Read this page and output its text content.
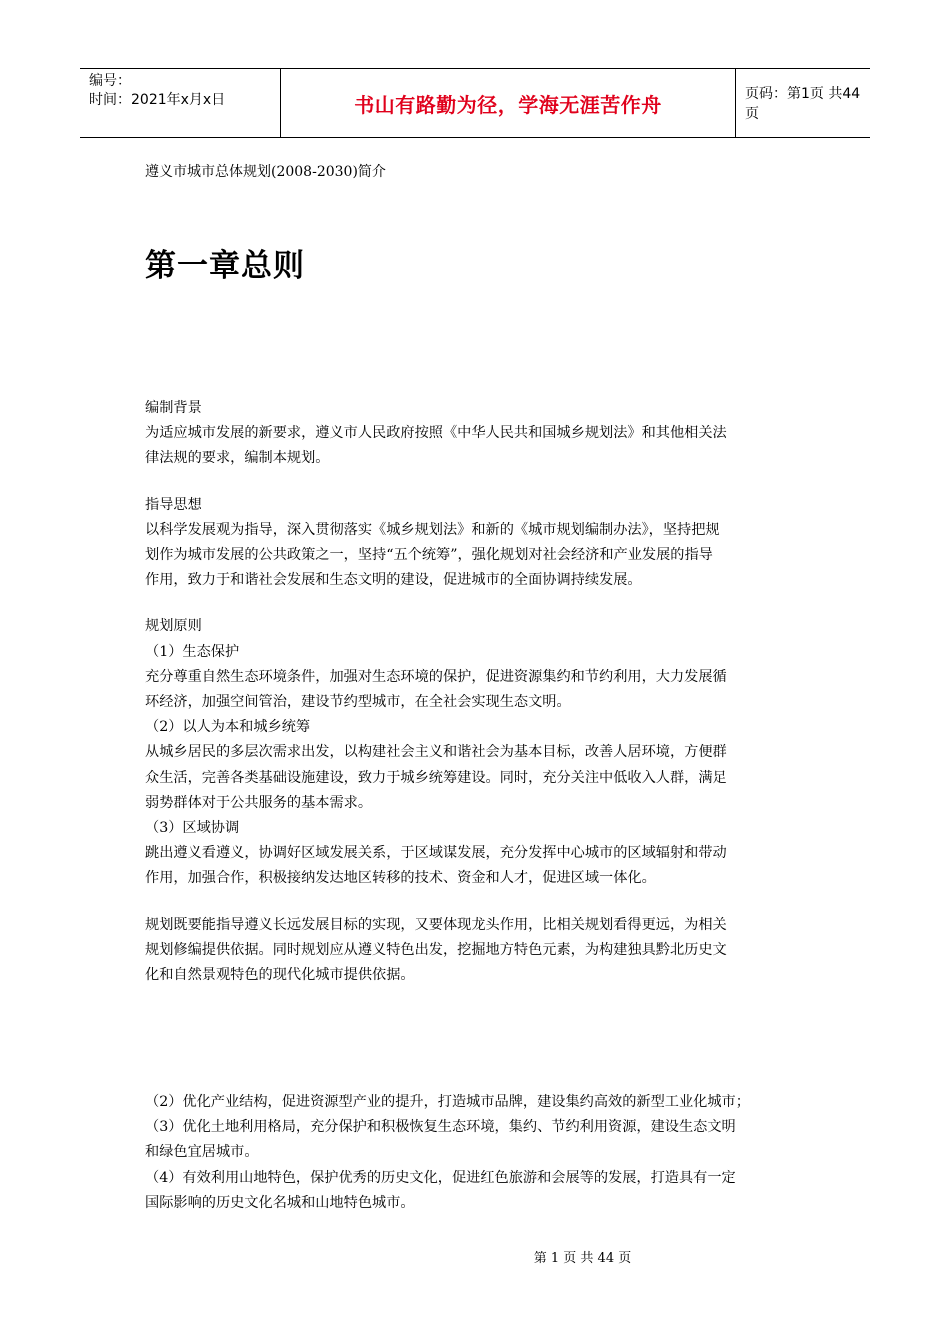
编号：
时间：2021年x月x日	书山有路勤为径，学海无涯苦作舟	页码：第1页 共44页
遵义市城市总体规划(2008-2030)简介
第一章总则

编制背景

为适应城市发展的新要求，遵义市人民政府按照《中华人民共和国城乡规划法》和其他相关法

律法规的要求，编制本规划。

指导思想

以科学发展观为指导，深入贯彻落实《城乡规划法》和新的《城市规划编制办法》，坚持把规

划作为城市发展的公共政策之一，坚持“五个统筹”，强化规划对社会经济和产业发展的指导

作用，致力于和谐社会发展和生态文明的建设，促进城市的全面协调持续发展。

规划原则

（1）生态保护

充分尊重自然生态环境条件，加强对生态环境的保护，促进资源集约和节约利用，大力发展循

环经济，加强空间管治，建设节约型城市，在全社会实现生态文明。

（2）以人为本和城乡统筹

从城乡居民的多层次需求出发，以构建社会主义和谐社会为基本目标，改善人居环境，方便群

众生活，完善各类基础设施建设，致力于城乡统筹建设。同时，充分关注中低收入人群，满足

弱势群体对于公共服务的基本需求。

（3）区域协调

跳出遵义看遵义，协调好区域发展关系，于区域谋发展，充分发挥中心城市的区域辐射和带动

作用，加强合作，积极接纳发达地区转移的技术、资金和人才，促进区域一体化。

规划既要能指导遵义长远发展目标的实现，又要体现龙头作用，比相关规划看得更远，为相关

规划修编提供依据。同时规划应从遵义特色出发，挖掘地方特色元素，为构建独具黔北历史文

化和自然景观特色的现代化城市提供依据。

（2）优化产业结构，促进资源型产业的提升，打造城市品牌，建设集约高效的新型工业化城市；

（3）优化土地利用格局，充分保护和积极恢复生态环境，集约、节约利用资源，建设生态文明

和绿色宜居城市。

（4）有效利用山地特色，保护优秀的历史文化，促进红色旅游和会展等的发展，打造具有一定

国际影响的历史文化名城和山地特色城市。

第 1 页 共 44 页
